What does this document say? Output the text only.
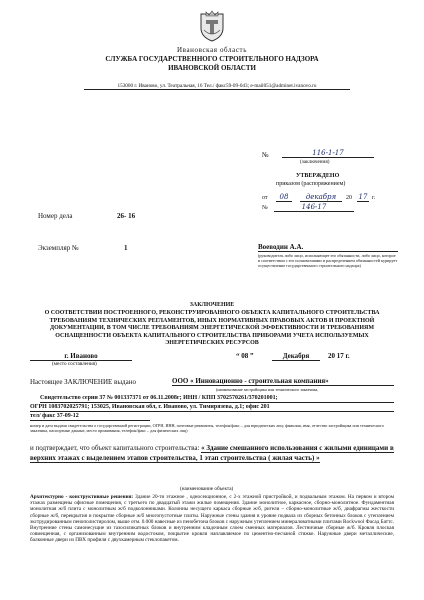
Ивановская область
СЛУЖБА ГОСУДАРСТВЕННОГО СТРОИТЕЛЬНОГО НАДЗОРА
ИВАНОВСКОЙ ОБЛАСТИ
153000 г. Иваново, ул. Театральная, 16 Тел./ факс59-09-043; e-mail051@adminet.ivanovo.ru
№	116-1-17
(заключения)
УТВЕРЖДЕНО
приказом (распоряжением)
от	08	декабря	20 17 г.
№	146-17
Номер дела	26- 16
Экземпляр №	1	Воеводин А.А.
(руководитель либо лицо, исполняющее его обязанности, либо лицо, которое в соответствии с его полномочиями и распределением обязанностей курирует осуществление государственного строительного надзора)
ЗАКЛЮЧЕНИЕ
О СООТВЕТСТВИИ ПОСТРОЕННОГО, РЕКОНСТРУИРОВАННОГО ОБЪЕКТА КАПИТАЛЬНОГО СТРОИТЕЛЬСТВА ТРЕБОВАНИЯМ ТЕХНИЧЕСКИХ РЕГЛАМЕНТОВ, ИНЫХ НОРМАТИВНЫХ ПРАВОВЫХ АКТОВ И ПРОЕКТНОЙ ДОКУМЕНТАЦИИ, В ТОМ ЧИСЛЕ ТРЕБОВАНИЯМ ЭНЕРГЕТИЧЕСКОЙ ЭФФЕКТИВНОСТИ И ТРЕБОВАНИЯМ ОСНАЩЕННОСТИ ОБЪЕКТА КАПИТАЛЬНОГО СТРОИТЕЛЬСТВА ПРИБОРАМИ УЧЕТА ИСПОЛЬЗУЕМЫХ ЭНЕРГЕТИЧЕСКИХ РЕСУРСОВ
г. Иваново
(место составления)
“ 08 ”	Декабря	20 17 г.
Настоящее ЗАКЛЮЧЕНИЕ выдано	ООО « Инновационно - строительная компания»
(наименование застройщика или технического заказчика,
Свидетельство серии 37 № 001337371 от 06.11.2008г; ИНН / КПП 3702570261/370201001;
ОГРН 1083702025791; 153025, Ивановская обл, г. Иваново, ул. Тимирязева, д.1; офис 201
тел/ факс 37-09-12
номер и дата выдачи свидетельства о государственной регистрации, ОГРН, ИНН, почтовые реквизиты, телефон/факс – для юридических лиц; фамилия, имя, отчество застройщика или технического заказчика, паспортные данные, место проживания, телефон/факс – для физических лиц)
и подтверждает, что объект капитального строительства: « Здание смешанного использования с жилыми единицами в верхних этажах с выделением этапов строительства, 1 этап строительства ( жилая часть) »
(наименование объекта)
Архитектурно - конструктивные решения: Здание 20-ти этажное , односекционное, с 2-х этажной пристройкой, и подвальным этажом. На первом и втором этажах размещены офисные помещения, с третьего по двадцатый этажи жилые помещения. Здание монолитное, каркасное, сборно-монолитное. Фундаментная монолитная ж/б плита с монолитным ж/б подколонниками. Колонны несущего каркаса сборные ж/б, ригели – сборно-монолитные ж/б, диафрагмы жесткости сборные ж/б, перекрытия и покрытие сборные ж/б многопустотные плиты. Наружные стены здания в уровне подвала из сборных бетонных блоков с утеплением экструдированным пенополистиролом, выше отм. 0.000 навесные из пенобетона блоков с наружным утеплением минераловатными плитами Rockwool Фасад Баттс. Внутренние стены самонесущие из газосиликатных блоков и внутренним кладочным слоем сменных материалов. Лестничные сборные ж/б. Кровля плоская совмещенная, с организованным внутренним водостоком, покрытие кровли наплавляемое по цементно-песчаной стяжке. Наружные двери металлические, балконные двери из ПВХ профиля с двухкамерным стеклопакетом.
